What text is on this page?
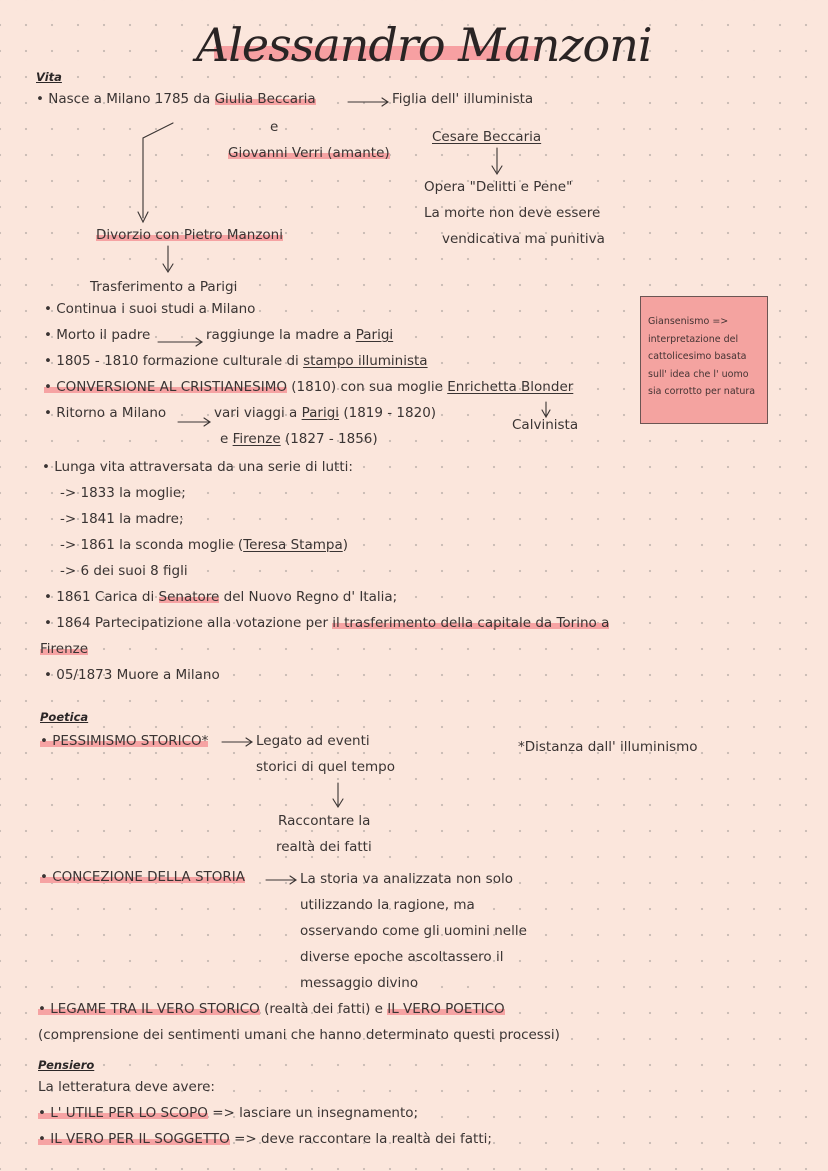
Alessandro Manzoni
Vita
• Nasce a Milano 1785 da Giulia Beccaria	Figlia dell' illuminista
e
Cesare Beccaria
Giovanni Verri (amante)
Opera "Delitti e Pene"
La morte non deve essere
vendicativa ma punitiva
Divorzio con Pietro Manzoni
Trasferimento a Parigi
• Continua i suoi studi a Milano
• Morto il padre	raggiunge la madre a Parigi
• 1805 - 1810 formazione culturale di stampo illuminista
• CONVERSIONE AL CRISTIANESIMO (1810) con sua moglie Enrichetta Blonder
Calvinista
• Ritorno a Milano	vari viaggi a Parigi (1819 - 1820)
e Firenze (1827 - 1856)
• Lunga vita attraversata da una serie di lutti:
-> 1833 la moglie;
-> 1841 la madre;
-> 1861 la sconda moglie (Teresa Stampa)
-> 6 dei suoi 8 figli
• 1861 Carica di Senatore del Nuovo Regno d' Italia;
• 1864 Partecipatizione alla votazione per il trasferimento della capitale da Torino a
Firenze
• 05/1873 Muore a Milano
Giansenismo =>
interpretazione del
cattolicesimo basata
sull' idea che l' uomo
sia corrotto per natura
Poetica
• PESSIMISMO STORICO*	Legato ad eventi
storici di quel tempo
*Distanza dall' illuminismo
Raccontare la
realtà dei fatti
• CONCEZIONE DELLA STORIA	La storia va analizzata non solo
utilizzando la ragione, ma
osservando come gli uomini nelle
diverse epoche ascoltassero il
messaggio divino
• LEGAME TRA IL VERO STORICO (realtà dei fatti) e IL VERO POETICO
(comprensione dei sentimenti umani che hanno determinato questi processi)
Pensiero
La letteratura deve avere:
• L' UTILE PER LO SCOPO => lasciare un insegnamento;
• IL VERO PER IL SOGGETTO => deve raccontare la realtà dei fatti;
